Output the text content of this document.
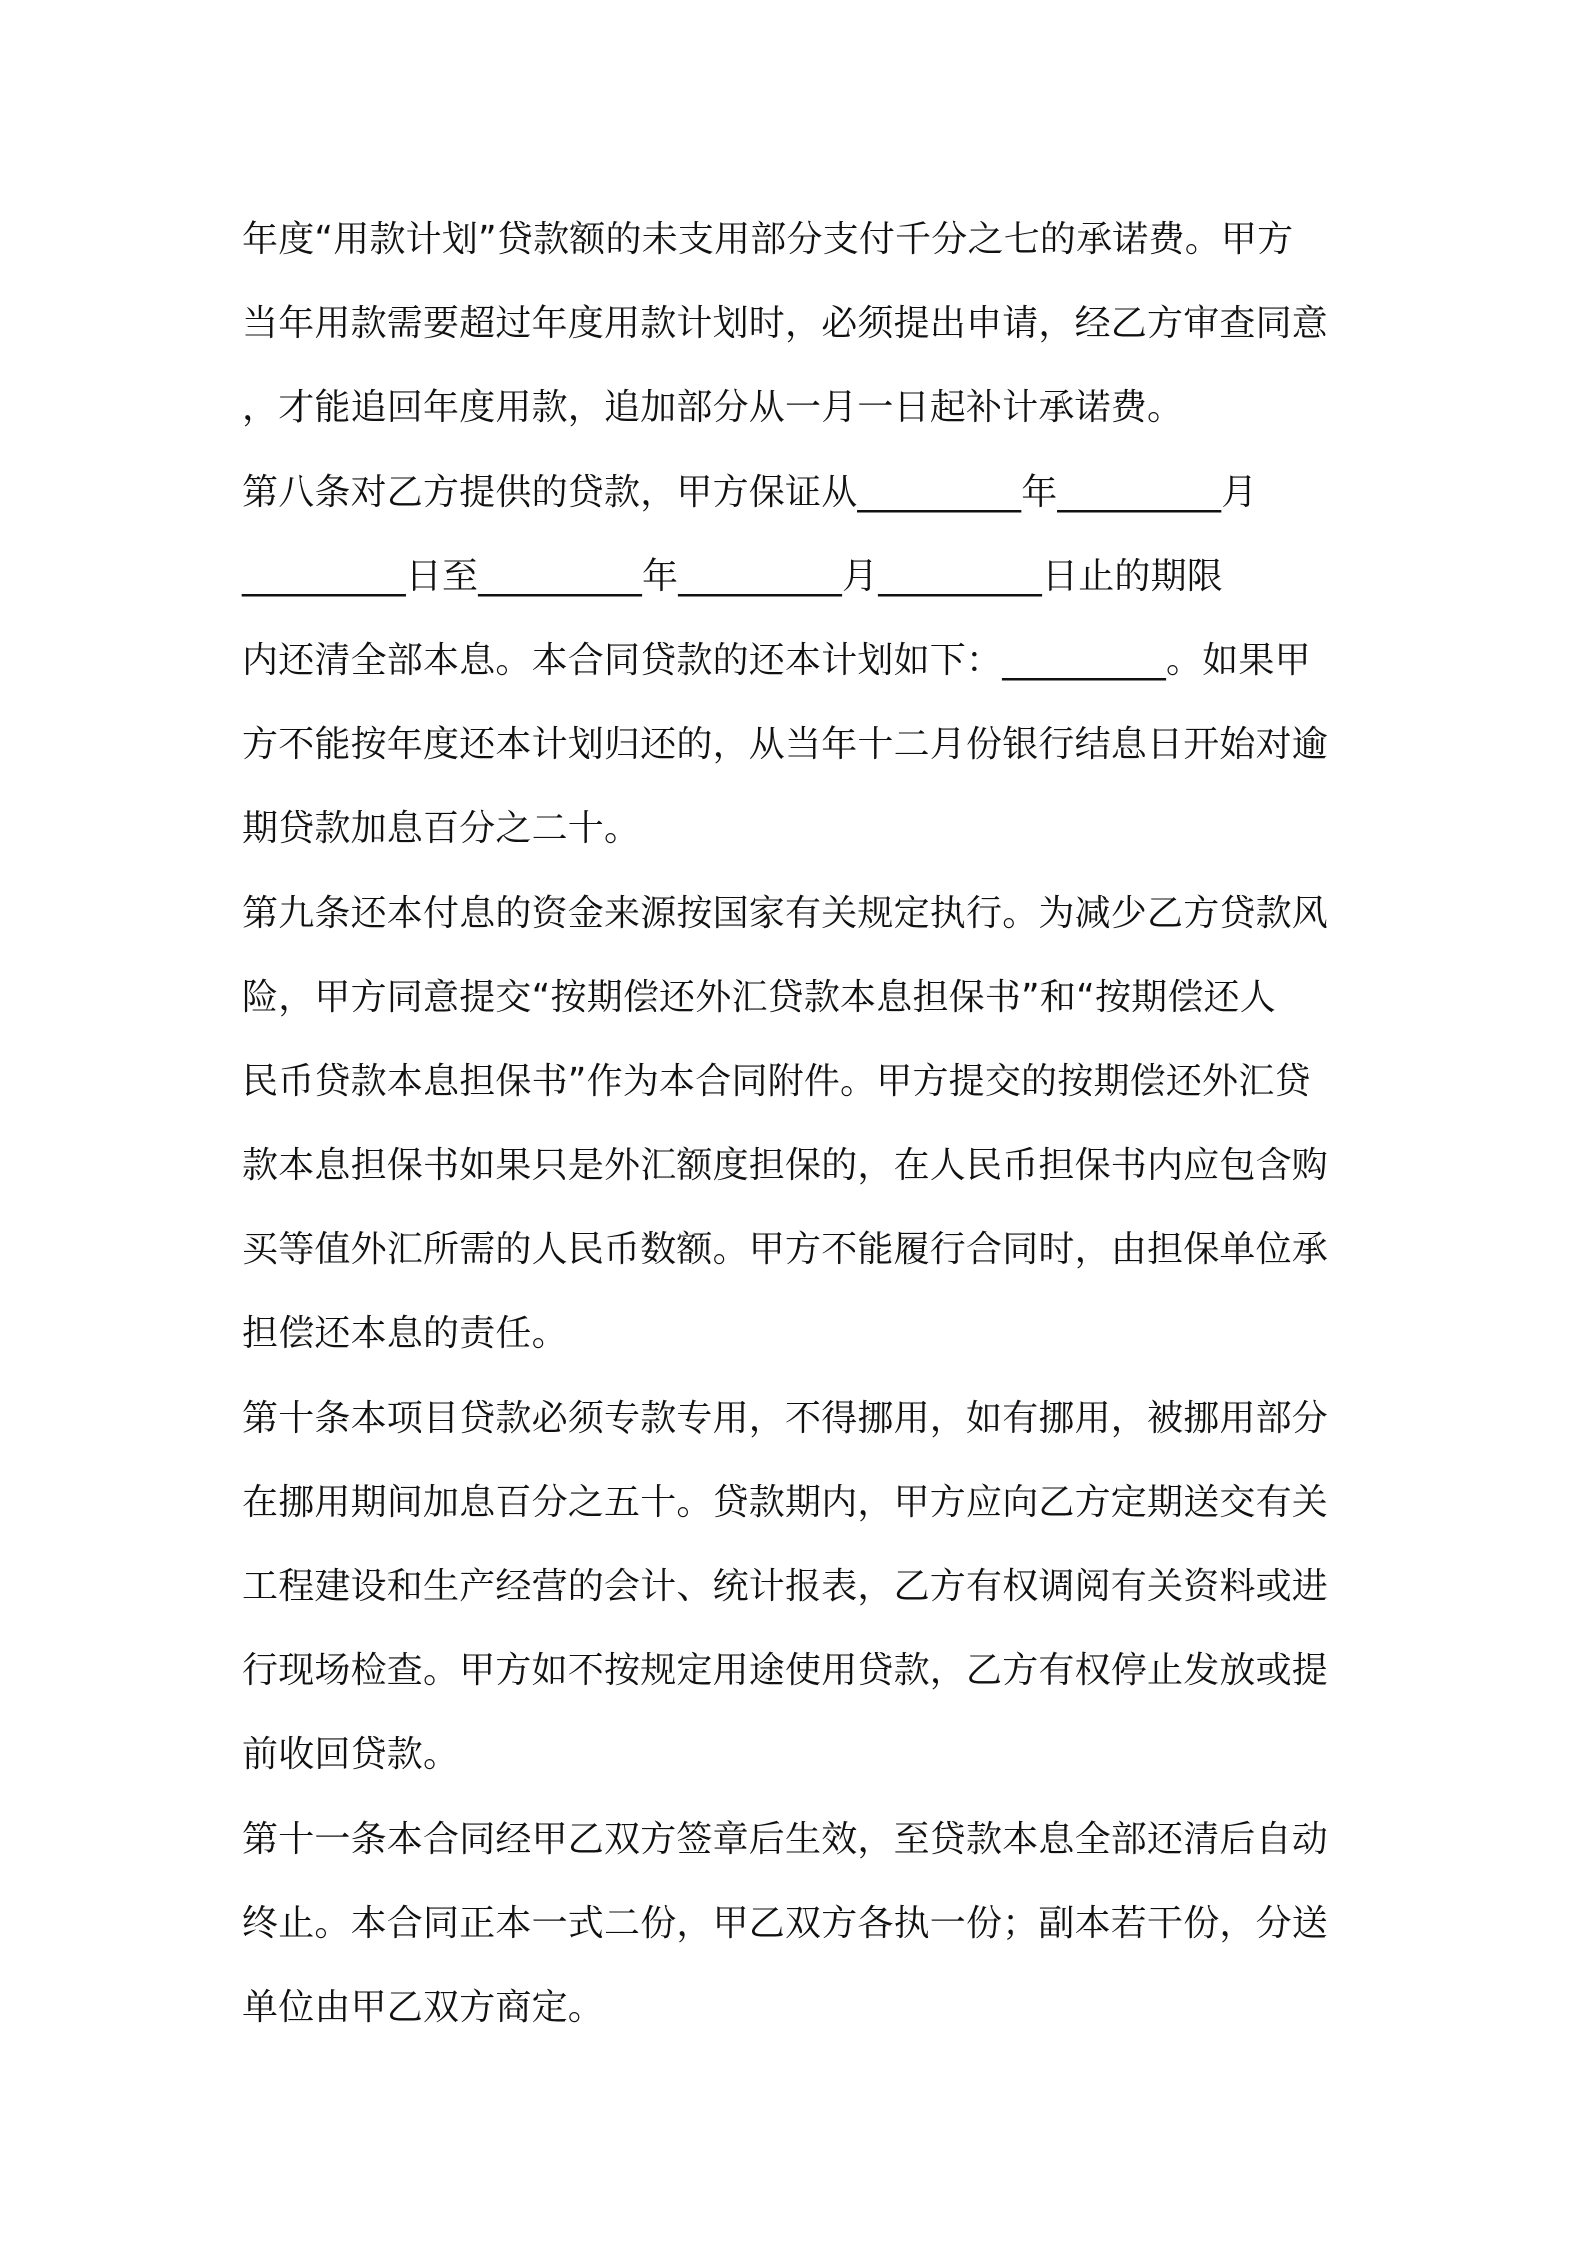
年度“用款计划”贷款额的未支用部分支付千分之七的承诺费。甲方
当年用款需要超过年度用款计划时，必须提出申请，经乙方审查同意
，才能追回年度用款，追加部分从一月一日起补计承诺费。
第八条对乙方提供的贷款，甲方保证从_________年_________月
_________日至_________年_________月_________日止的期限
内还清全部本息。本合同贷款的还本计划如下：_________。如果甲
方不能按年度还本计划归还的，从当年十二月份银行结息日开始对逾
期贷款加息百分之二十。
第九条还本付息的资金来源按国家有关规定执行。为减少乙方贷款风
险，甲方同意提交“按期偿还外汇贷款本息担保书”和“按期偿还人
民币贷款本息担保书”作为本合同附件。甲方提交的按期偿还外汇贷
款本息担保书如果只是外汇额度担保的，在人民币担保书内应包含购
买等值外汇所需的人民币数额。甲方不能履行合同时，由担保单位承
担偿还本息的责任。
第十条本项目贷款必须专款专用，不得挪用，如有挪用，被挪用部分
在挪用期间加息百分之五十。贷款期内，甲方应向乙方定期送交有关
工程建设和生产经营的会计、统计报表，乙方有权调阅有关资料或进
行现场检查。甲方如不按规定用途使用贷款，乙方有权停止发放或提
前收回贷款。
第十一条本合同经甲乙双方签章后生效，至贷款本息全部还清后自动
终止。本合同正本一式二份，甲乙双方各执一份；副本若干份，分送
单位由甲乙双方商定。
